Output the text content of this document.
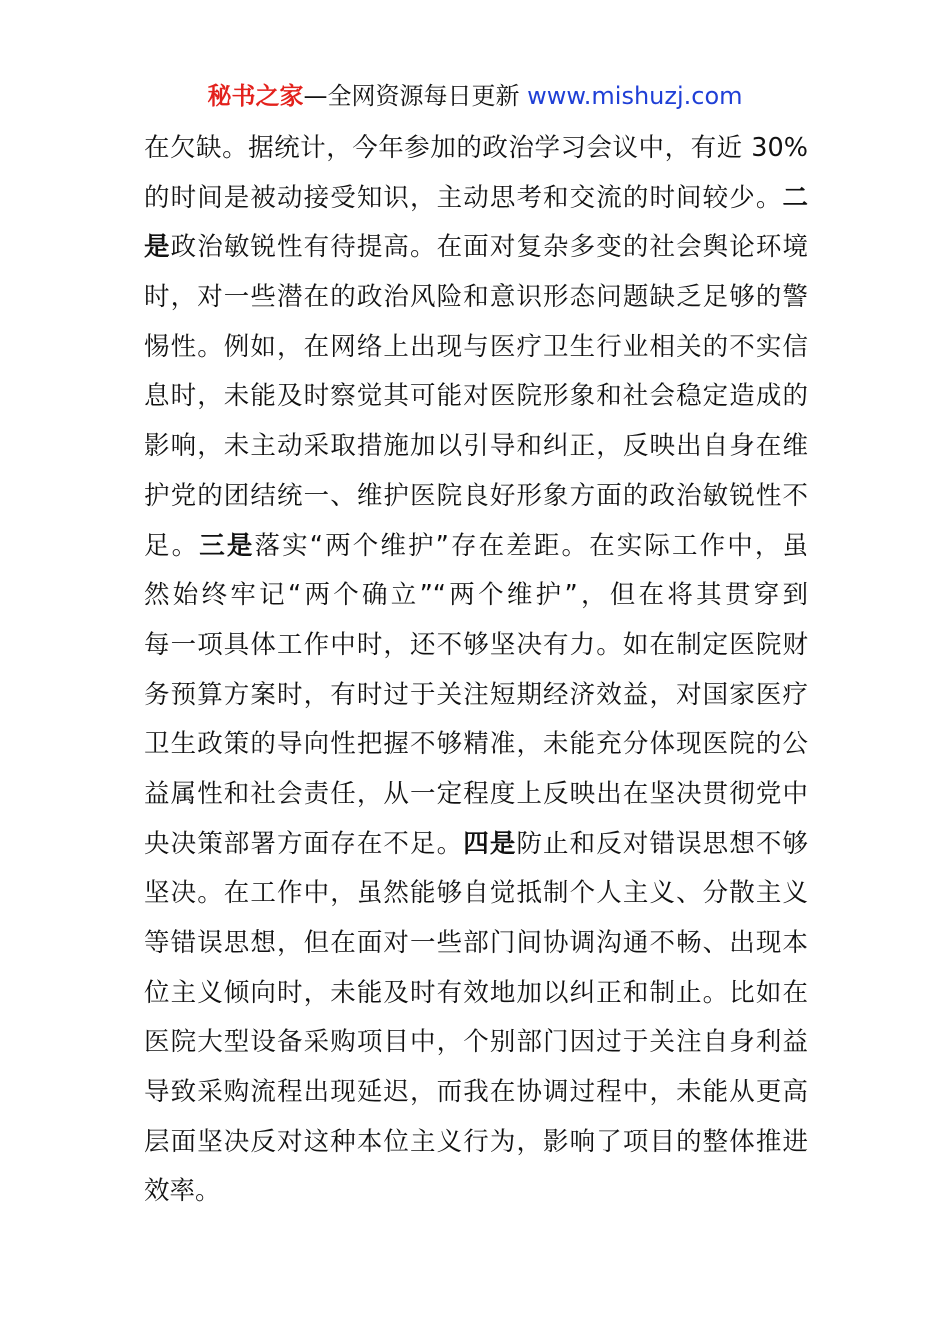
秘书之家—全网资源每日更新 www.mishuzj.com
在欠缺。据统计，今年参加的政治学习会议中，有近 30%
的时间是被动接受知识，主动思考和交流的时间较少。二
是政治敏锐性有待提高。在面对复杂多变的社会舆论环境
时，对一些潜在的政治风险和意识形态问题缺乏足够的警
惕性。例如，在网络上出现与医疗卫生行业相关的不实信
息时，未能及时察觉其可能对医院形象和社会稳定造成的
影响，未主动采取措施加以引导和纠正，反映出自身在维
护党的团结统一、维护医院良好形象方面的政治敏锐性不
足。三是落实“两个维护”存在差距。在实际工作中，虽
然始终牢记“两个确立”“两个维护”，但在将其贯穿到
每一项具体工作中时，还不够坚决有力。如在制定医院财
务预算方案时，有时过于关注短期经济效益，对国家医疗
卫生政策的导向性把握不够精准，未能充分体现医院的公
益属性和社会责任，从一定程度上反映出在坚决贯彻党中
央决策部署方面存在不足。四是防止和反对错误思想不够
坚决。在工作中，虽然能够自觉抵制个人主义、分散主义
等错误思想，但在面对一些部门间协调沟通不畅、出现本
位主义倾向时，未能及时有效地加以纠正和制止。比如在
医院大型设备采购项目中，个别部门因过于关注自身利益
导致采购流程出现延迟，而我在协调过程中，未能从更高
层面坚决反对这种本位主义行为，影响了项目的整体推进
效率。
